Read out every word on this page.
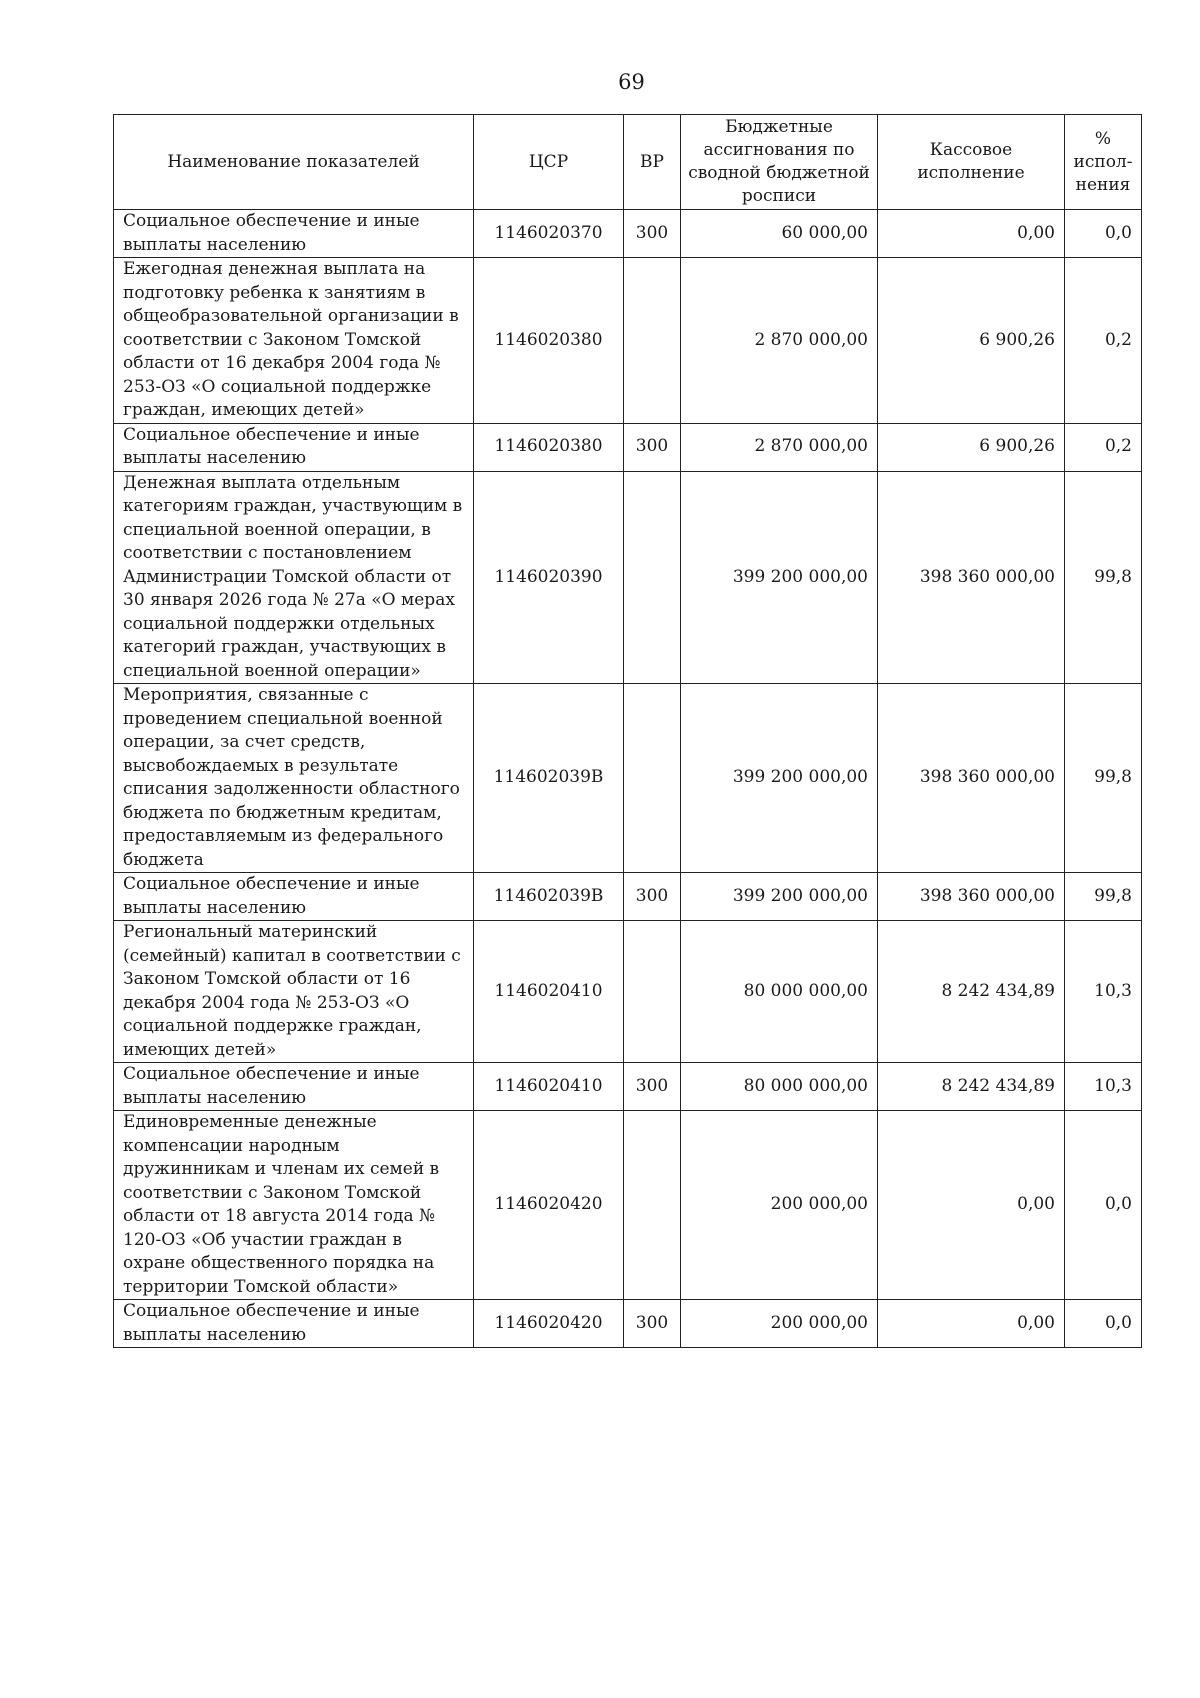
69
Наименование показателей	ЦСР	ВР	Бюджетные ассигнования по сводной бюджетной росписи	Кассовое исполнение	% испол-нения
Социальное обеспечение и иные выплаты населению	1146020370	300	60 000,00	0,00	0,0
Ежегодная денежная выплата на подготовку ребенка к занятиям в общеобразовательной организации в соответствии с Законом Томской области от 16 декабря 2004 года № 253-ОЗ «О социальной поддержке граждан, имеющих детей»	1146020380		2 870 000,00	6 900,26	0,2
Социальное обеспечение и иные выплаты населению	1146020380	300	2 870 000,00	6 900,26	0,2
Денежная выплата отдельным категориям граждан, участвующим в специальной военной операции, в соответствии с постановлением Администрации Томской области от 30 января 2026 года № 27а «О мерах социальной поддержки отдельных категорий граждан, участвующих в специальной военной операции»	1146020390		399 200 000,00	398 360 000,00	99,8
Мероприятия, связанные с проведением специальной военной операции, за счет средств, высвобождаемых в результате списания задолженности областного бюджета по бюджетным кредитам, предоставляемым из федерального бюджета	114602039В		399 200 000,00	398 360 000,00	99,8
Социальное обеспечение и иные выплаты населению	114602039В	300	399 200 000,00	398 360 000,00	99,8
Региональный материнский (семейный) капитал в соответствии с Законом Томской области от 16 декабря 2004 года № 253-ОЗ «О социальной поддержке граждан, имеющих детей»	1146020410		80 000 000,00	8 242 434,89	10,3
Социальное обеспечение и иные выплаты населению	1146020410	300	80 000 000,00	8 242 434,89	10,3
Единовременные денежные компенсации народным дружинникам и членам их семей в соответствии с Законом Томской области от 18 августа 2014 года № 120-ОЗ «Об участии граждан в охране общественного порядка на территории Томской области»	1146020420		200 000,00	0,00	0,0
Социальное обеспечение и иные выплаты населению	1146020420	300	200 000,00	0,00	0,0
